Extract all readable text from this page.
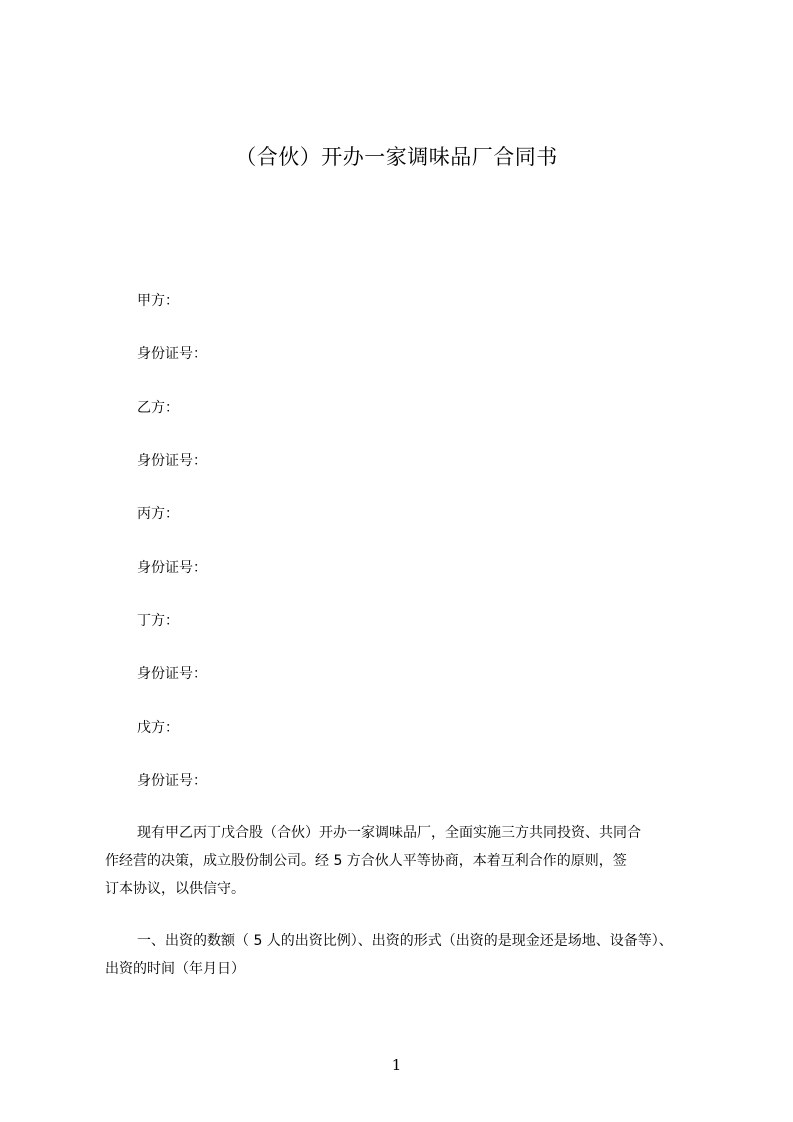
（合伙）开办一家调味品厂合同书
甲方：
身份证号：
乙方：
身份证号：
丙方：
身份证号：
丁方：
身份证号：
戊方：
身份证号：
现有甲乙丙丁戊合股（合伙）开办一家调味品厂，全面实施三方共同投资、共同合
作经营的决策，成立股份制公司。经 5 方合伙人平等协商，本着互利合作的原则，签
订本协议，以供信守。
一、出资的数额（ 5 人的出资比例）、出资的形式（出资的是现金还是场地、设备等）、
出资的时间（年月日）
1
